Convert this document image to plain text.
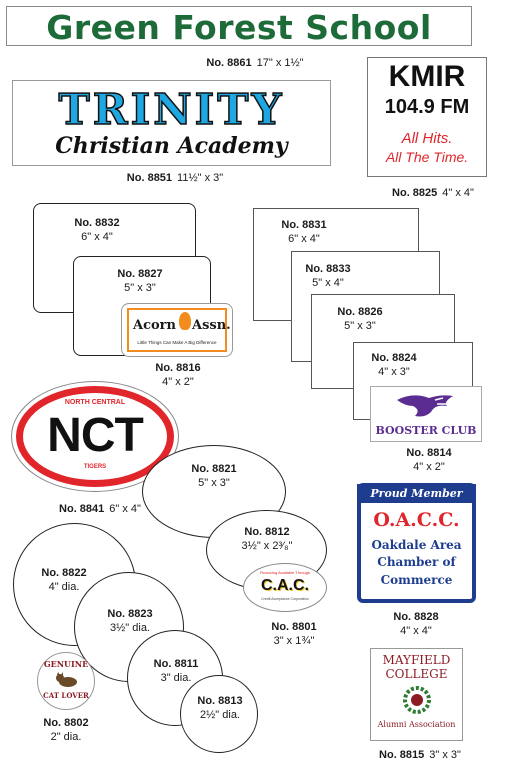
Green Forest School
No. 8861 17" x 1½"
TRINITY
Christian Academy
No. 8851 11½" x 3"
KMIR
104.9 FM
All Hits.
All The Time.
No. 8825 4" x 4"
No. 8832
6" x 4"
No. 8827
5" x 3"
Acorn Assn.
Little Things Can Make A Big Difference
No. 8816
4" x 2"
No. 8831
6" x 4"
No. 8833
5" x 4"
No. 8826
5" x 3"
No. 8824
4" x 3"
BOOSTER CLUB
No. 8814
4" x 2"
NORTH CENTRAL
NCT
TIGERS
No. 8841 6" x 4"
No. 8821
5" x 3"
No. 8812
3½" x 2³⁄₈"
Financing Available Through
C.A.C.
Credit Acceptance Corporation
No. 8801
3" x 1¾"
Proud Member
O.A.C.C.
Oakdale Area
Chamber of
Commerce
No. 8828
4" x 4"
No. 8822
4" dia.
No. 8823
3½" dia.
No. 8811
3" dia.
No. 8813
2½" dia.
GENUINE
CAT LOVER
No. 8802
2" dia.
MAYFIELD
COLLEGE
Alumni Association
No. 8815 3" x 3"
